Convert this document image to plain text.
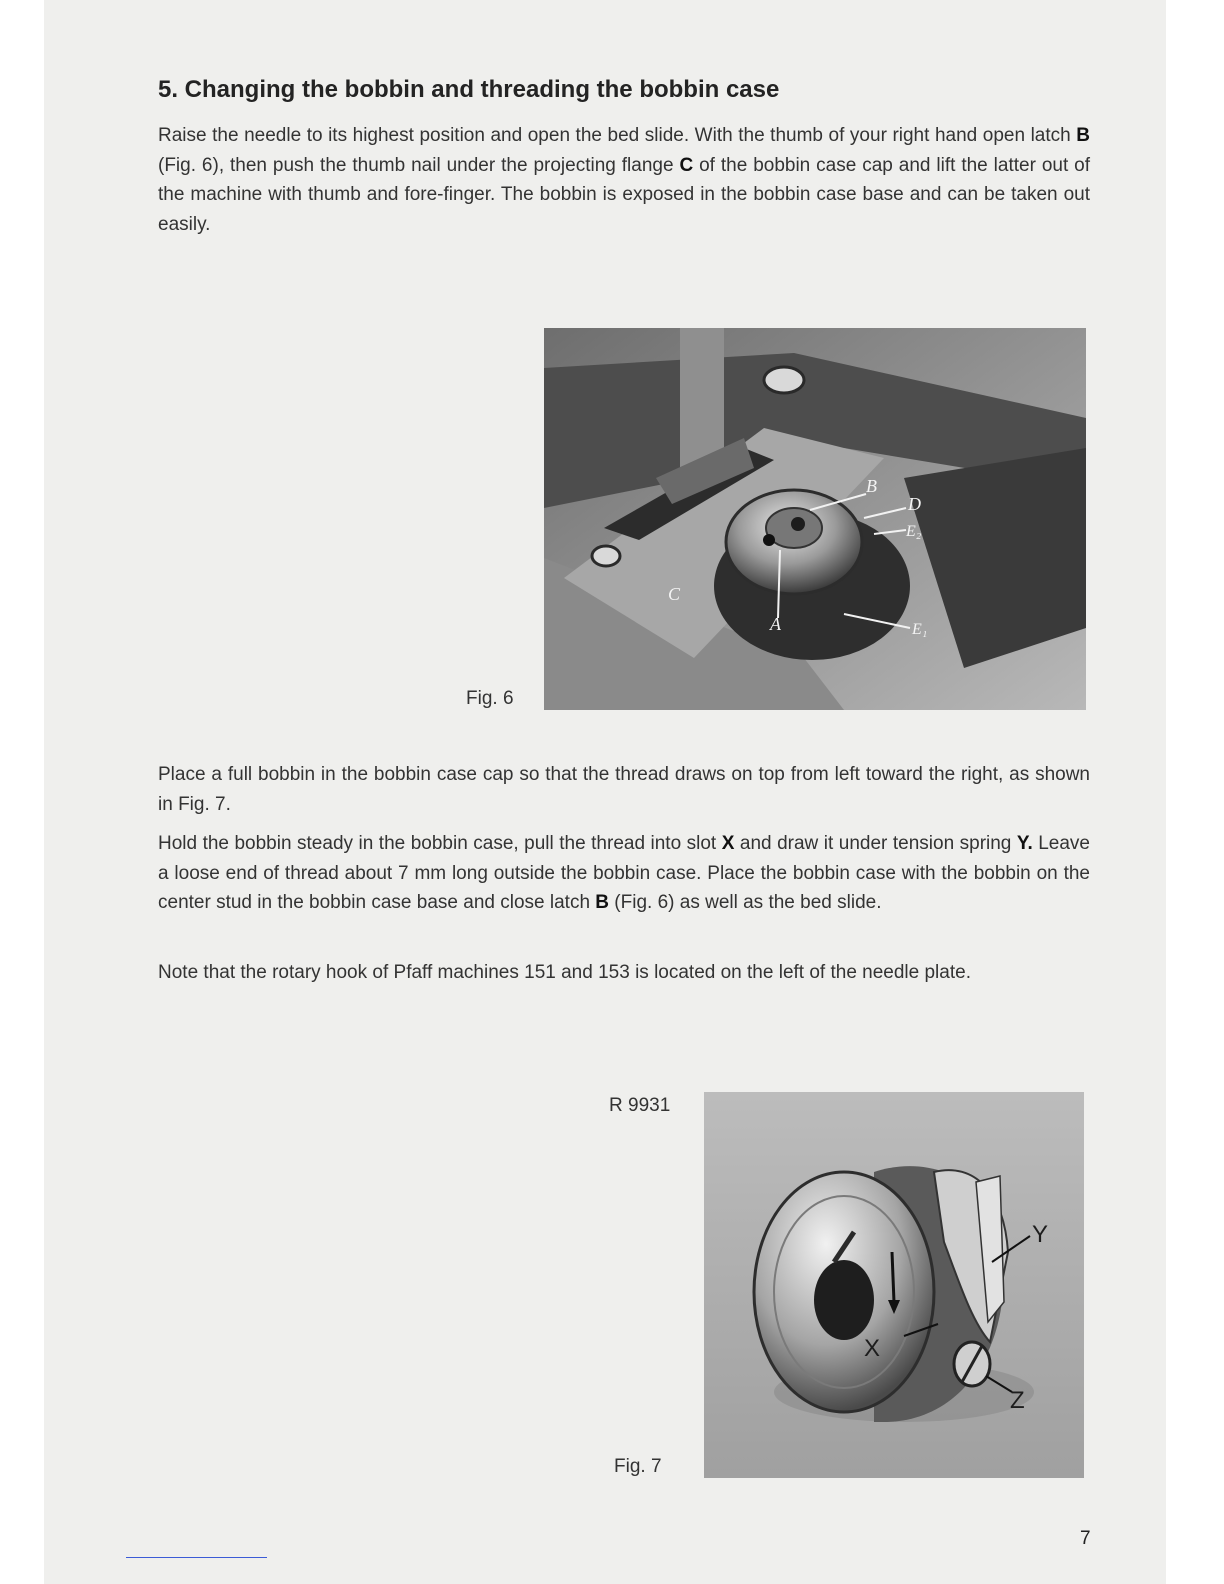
5. Changing the bobbin and threading the bobbin case

Raise the needle to its highest position and open the bed slide. With the thumb of your right hand open latch B (Fig. 6), then push the thumb nail under the projecting flange C of the bobbin case cap and lift the latter out of the machine with thumb and fore-finger. The bobbin is exposed in the bobbin case base and can be taken out easily.

B
D
E₂
E₁
C
A
Fig. 6

Place a full bobbin in the bobbin case cap so that the thread draws on top from left toward the right, as shown in Fig. 7.

Hold the bobbin steady in the bobbin case, pull the thread into slot X and draw it under tension spring Y. Leave a loose end of thread about 7 mm long outside the bobbin case. Place the bobbin case with the bobbin on the center stud in the bobbin case base and close latch B (Fig. 6) as well as the bed slide.

Note that the rotary hook of Pfaff machines 151 and 153 is located on the left of the needle plate.

R 9931
Y
X
Z
Fig. 7
7
